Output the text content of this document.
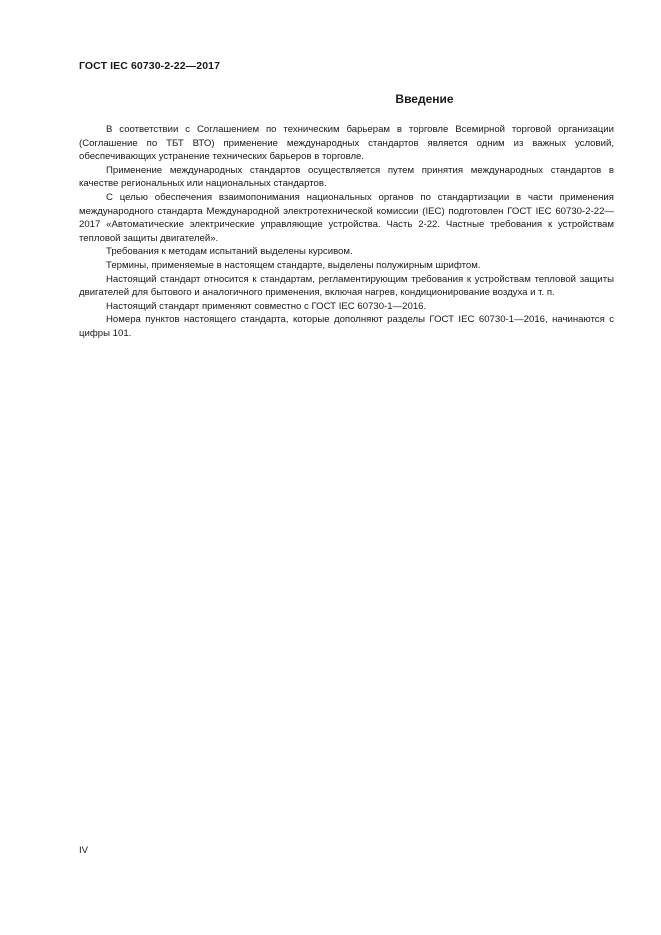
ГОСТ IEC 60730-2-22—2017
Введение

В соответствии с Соглашением по техническим барьерам в торговле Всемирной торговой организации (Соглашение по ТБТ ВТО) применение международных стандартов является одним из важных условий, обеспечивающих устранение технических барьеров в торговле.

Применение международных стандартов осуществляется путем принятия международных стандартов в качестве региональных или национальных стандартов.

С целью обеспечения взаимопонимания национальных органов по стандартизации в части применения международного стандарта Международной электротехнической комиссии (IEC) подготовлен ГОСТ IEC 60730-2-22—2017 «Автоматические электрические управляющие устройства. Часть 2-22. Частные требования к устройствам тепловой защиты двигателей».

Требования к методам испытаний выделены курсивом.

Термины, применяемые в настоящем стандарте, выделены полужирным шрифтом.

Настоящий стандарт относится к стандартам, регламентирующим требования к устройствам тепловой защиты двигателей для бытового и аналогичного применения, включая нагрев, кондиционирование воздуха и т. п.

Настоящий стандарт применяют совместно с ГОСТ IEC 60730-1—2016.

Номера пунктов настоящего стандарта, которые дополняют разделы ГОСТ IEC 60730-1—2016, начинаются с цифры 101.

IV
